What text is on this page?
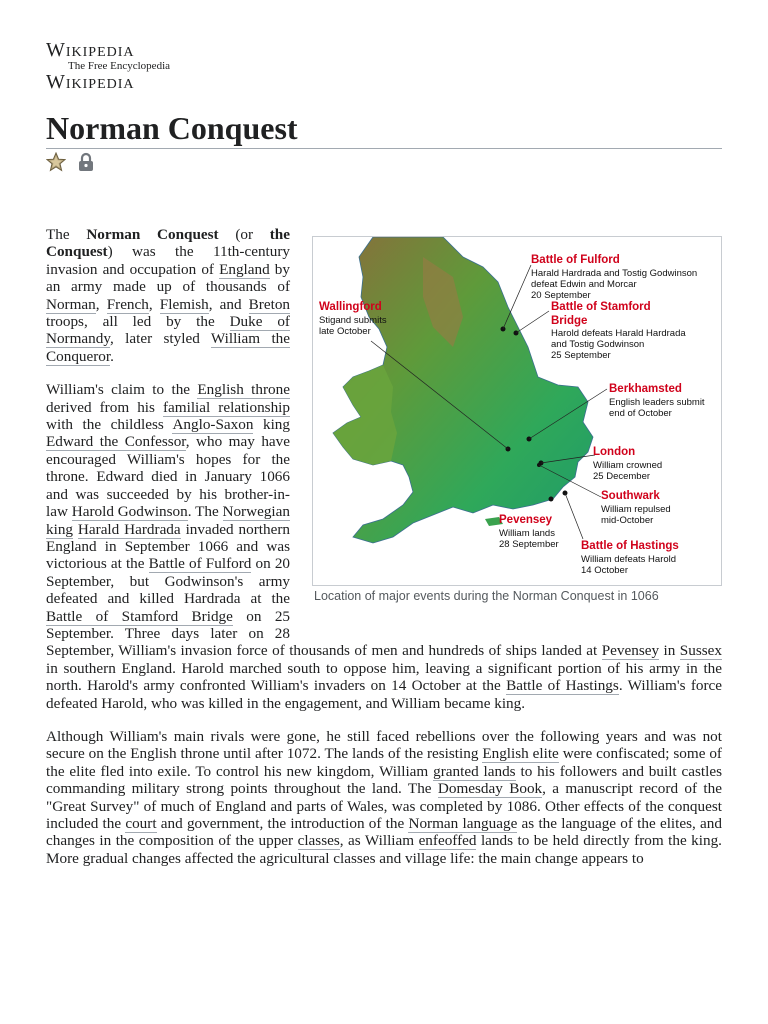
Wikipedia
The Free Encyclopedia
Wikipedia
Norman Conquest
Battle of Fulford
Harald Hardrada and Tostig Godwinson
defeat Edwin and Morcar
20 September
Battle of Stamford
Bridge
Harold defeats Harald Hardrada
and Tostig Godwinson
25 September
Wallingford
Stigand submits
late October
Berkhamsted
English leaders submit
end of October
London
William crowned
25 December
Southwark
William repulsed
mid-October
Pevensey
William lands
28 September Battle of Hastings
William defeats Harold
14 October
Location of major events during the Norman Conquest in 1066

The Norman Conquest (or the Conquest) was the 11th-century invasion and occupation of England by an army made up of thousands of Norman, French, Flemish, and Breton troops, all led by the Duke of Normandy, later styled William the Conqueror.

William's claim to the English throne derived from his familial relationship with the childless Anglo-Saxon king Edward the Confessor, who may have encouraged William's hopes for the throne. Edward died in January 1066 and was succeeded by his brother-in-law Harold Godwinson. The Norwegian king Harald Hardrada invaded northern England in September 1066 and was victorious at the Battle of Fulford on 20 September, but Godwinson's army defeated and killed Hardrada at the Battle of Stamford Bridge on 25 September. Three days later on 28 September, William's invasion force of thousands of men and hundreds of ships landed at Pevensey in Sussex in southern England. Harold marched south to oppose him, leaving a significant portion of his army in the north. Harold's army confronted William's invaders on 14 October at the Battle of Hastings. William's force defeated Harold, who was killed in the engagement, and William became king.

Although William's main rivals were gone, he still faced rebellions over the following years and was not secure on the English throne until after 1072. The lands of the resisting English elite were confiscated; some of the elite fled into exile. To control his new kingdom, William granted lands to his followers and built castles commanding military strong points throughout the land. The Domesday Book, a manuscript record of the "Great Survey" of much of England and parts of Wales, was completed by 1086. Other effects of the conquest included the court and government, the introduction of the Norman language as the language of the elites, and changes in the composition of the upper classes, as William enfeoffed lands to be held directly from the king. More gradual changes affected the agricultural classes and village life: the main change appears to
